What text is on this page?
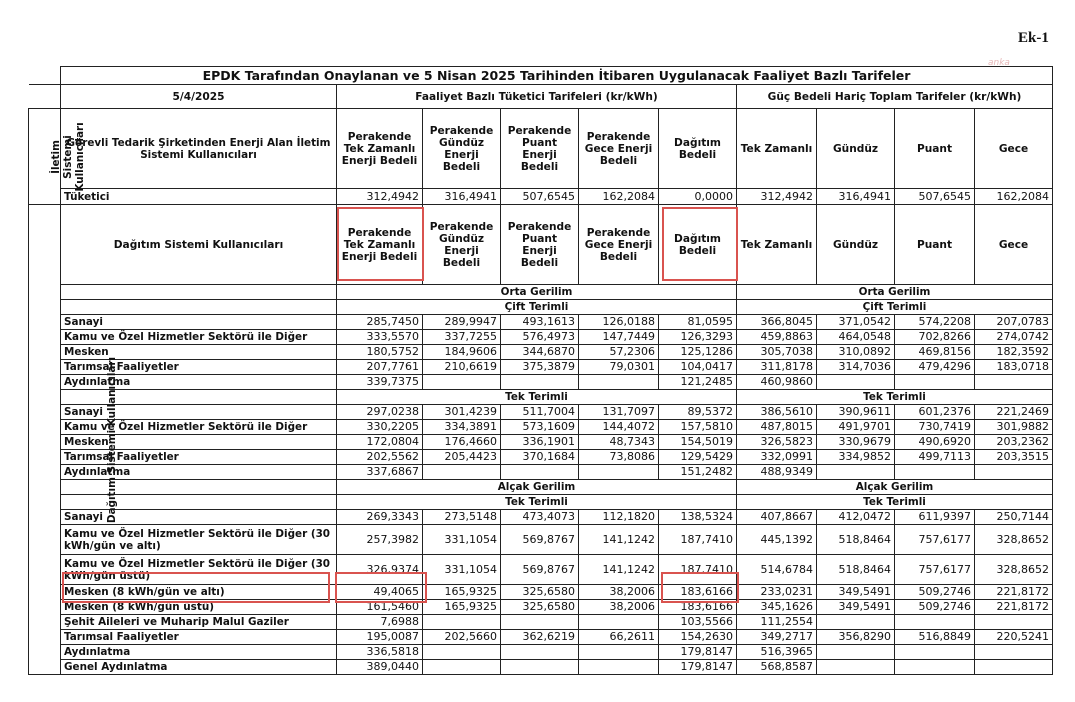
Ek-1
anka
	EPDK Tarafından Onaylanan ve 5 Nisan 2025 Tarihinden İtibaren Uygulanacak Faaliyet Bazlı Tarifeler									
	5/4/2025	Faaliyet Bazlı Tüketici Tarifeleri (kr/kWh)					Güç Bedeli Hariç Toplam Tarifeler (kr/kWh)			
İletim Sistemi Kullanıcıları	Görevli Tedarik Şirketinden Enerji Alan İletim Sistemi Kullanıcıları	Perakende Tek Zamanlı Enerji Bedeli	Perakende Gündüz Enerji Bedeli	Perakende Puant Enerji Bedeli	Perakende Gece Enerji Bedeli	Dağıtım Bedeli	Tek Zamanlı	Gündüz	Puant	Gece
	Tüketici	312,4942	316,4941	507,6545	162,2084	0,0000	312,4942	316,4941	507,6545	162,2084
Dağıtım Sistemi Kullanıcıları	Dağıtım Sistemi Kullanıcıları	Perakende Tek Zamanlı Enerji Bedeli	Perakende Gündüz Enerji Bedeli	Perakende Puant Enerji Bedeli	Perakende Gece Enerji Bedeli	Dağıtım Bedeli	Tek Zamanlı	Gündüz	Puant	Gece
		Orta Gerilim					Orta Gerilim			
		Çift Terimli					Çift Terimli			
	Sanayi	285,7450	289,9947	493,1613	126,0188	81,0595	366,8045	371,0542	574,2208	207,0783
	Kamu ve Özel Hizmetler Sektörü ile Diğer	333,5570	337,7255	576,4973	147,7449	126,3293	459,8863	464,0548	702,8266	274,0742
	Mesken	180,5752	184,9606	344,6870	57,2306	125,1286	305,7038	310,0892	469,8156	182,3592
	Tarımsal Faaliyetler	207,7761	210,6619	375,3879	79,0301	104,0417	311,8178	314,7036	479,4296	183,0718
	Aydınlatma	339,7375				121,2485	460,9860			
		Tek Terimli					Tek Terimli			
	Sanayi	297,0238	301,4239	511,7004	131,7097	89,5372	386,5610	390,9611	601,2376	221,2469
	Kamu ve Özel Hizmetler Sektörü ile Diğer	330,2205	334,3891	573,1609	144,4072	157,5810	487,8015	491,9701	730,7419	301,9882
	Mesken	172,0804	176,4660	336,1901	48,7343	154,5019	326,5823	330,9679	490,6920	203,2362
	Tarımsal Faaliyetler	202,5562	205,4423	370,1684	73,8086	129,5429	332,0991	334,9852	499,7113	203,3515
	Aydınlatma	337,6867				151,2482	488,9349			
		Alçak Gerilim					Alçak Gerilim			
		Tek Terimli					Tek Terimli			
	Sanayi	269,3343	273,5148	473,4073	112,1820	138,5324	407,8667	412,0472	611,9397	250,7144
	Kamu ve Özel Hizmetler Sektörü ile Diğer (30 kWh/gün ve altı)	257,3982	331,1054	569,8767	141,1242	187,7410	445,1392	518,8464	757,6177	328,8652
	Kamu ve Özel Hizmetler Sektörü ile Diğer (30 kWh/gün üstü)	326,9374	331,1054	569,8767	141,1242	187,7410	514,6784	518,8464	757,6177	328,8652
	Mesken (8 kWh/gün ve altı)	49,4065	165,9325	325,6580	38,2006	183,6166	233,0231	349,5491	509,2746	221,8172
	Mesken (8 kWh/gün üstü)	161,5460	165,9325	325,6580	38,2006	183,6166	345,1626	349,5491	509,2746	221,8172
	Şehit Aileleri ve Muharip Malul Gaziler	7,6988				103,5566	111,2554			
	Tarımsal Faaliyetler	195,0087	202,5660	362,6219	66,2611	154,2630	349,2717	356,8290	516,8849	220,5241
	Aydınlatma	336,5818				179,8147	516,3965			
	Genel Aydınlatma	389,0440				179,8147	568,8587			
